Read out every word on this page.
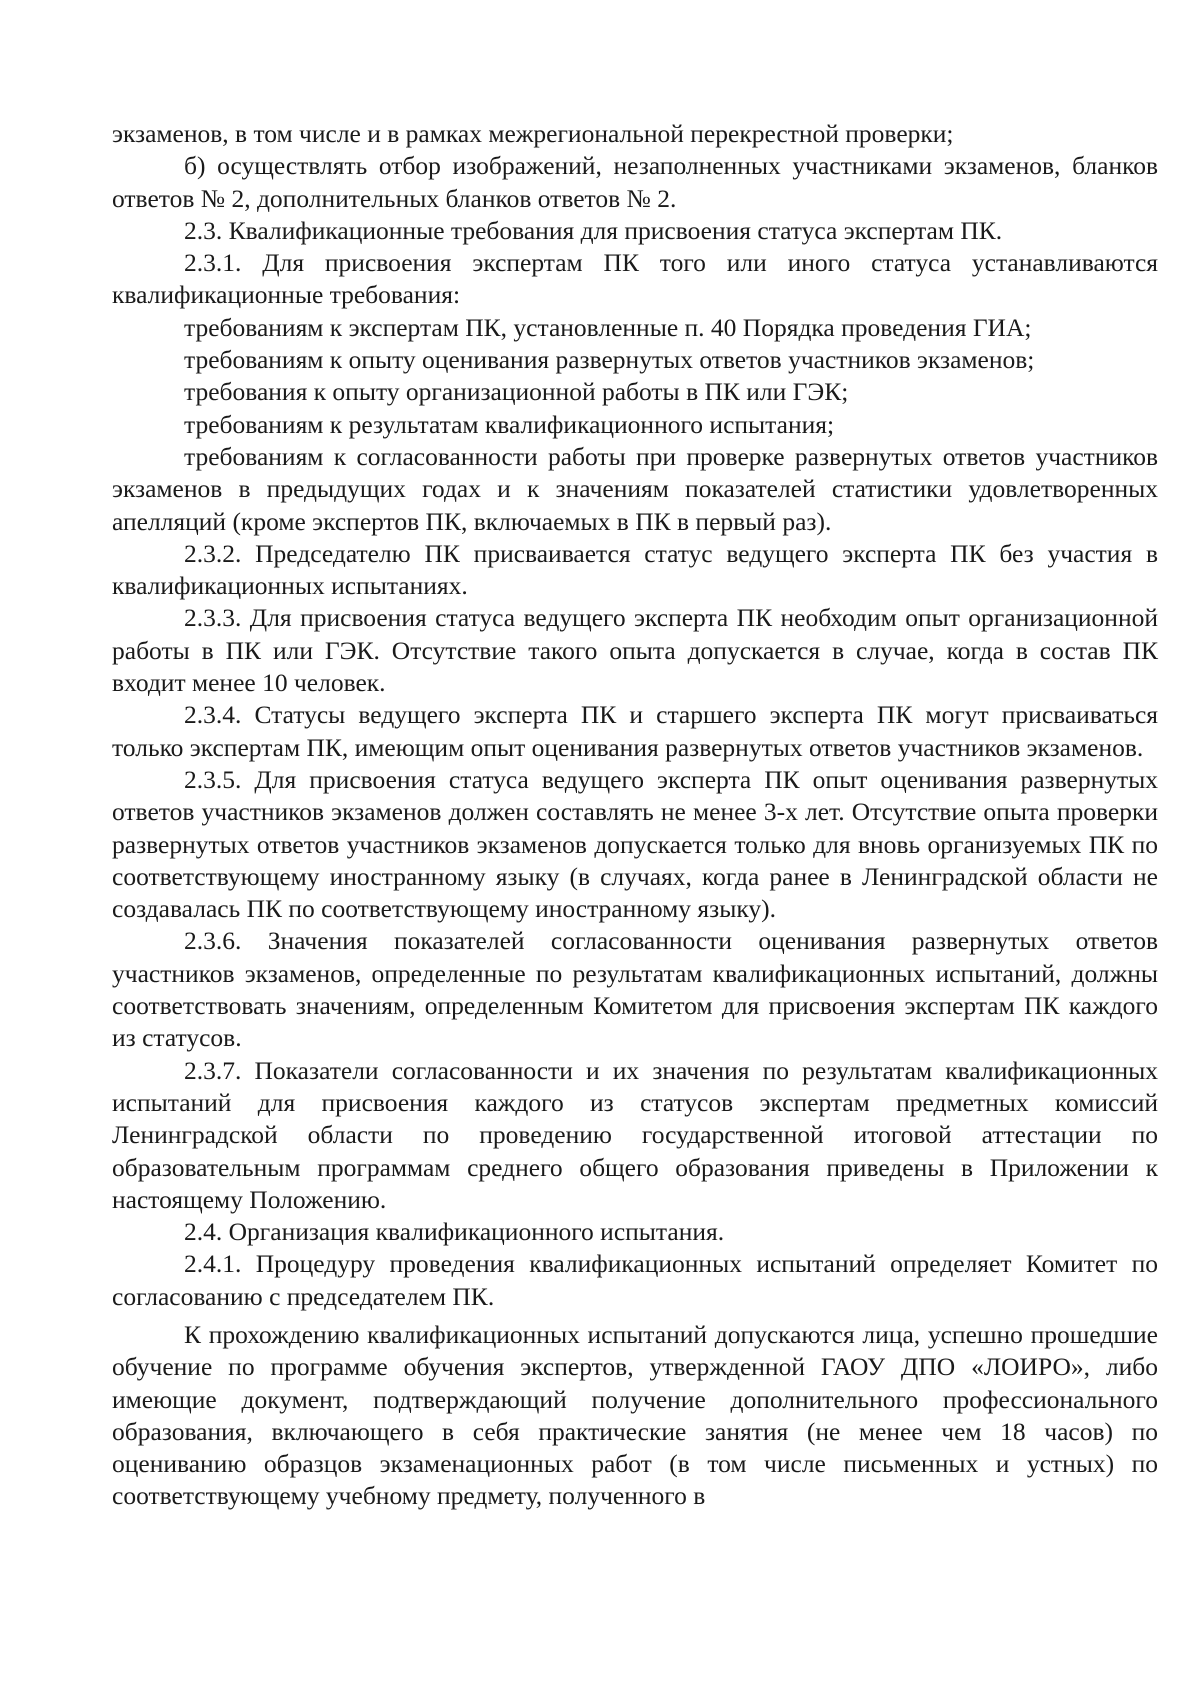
экзаменов, в том числе и в рамках межрегиональной перекрестной проверки;

б) осуществлять отбор изображений, незаполненных участниками экзаменов, бланков ответов № 2, дополнительных бланков ответов № 2.

2.3. Квалификационные требования для присвоения статуса экспертам ПК.

2.3.1. Для присвоения экспертам ПК того или иного статуса устанавливаются квалификационные требования:

требованиям к экспертам ПК, установленные п. 40 Порядка проведения ГИА;

требованиям к опыту оценивания развернутых ответов участников экзаменов;

требования к опыту организационной работы в ПК или ГЭК;

требованиям к результатам квалификационного испытания;

требованиям к согласованности работы при проверке развернутых ответов участников экзаменов в предыдущих годах и к значениям показателей статистики удовлетворенных апелляций (кроме экспертов ПК, включаемых в ПК в первый раз).

2.3.2. Председателю ПК присваивается статус ведущего эксперта ПК без участия в квалификационных испытаниях.

2.3.3. Для присвоения статуса ведущего эксперта ПК необходим опыт организационной работы в ПК или ГЭК. Отсутствие такого опыта допускается в случае, когда в состав ПК входит менее 10 человек.

2.3.4. Статусы ведущего эксперта ПК и старшего эксперта ПК могут присваиваться только экспертам ПК, имеющим опыт оценивания развернутых ответов участников экзаменов.

2.3.5. Для присвоения статуса ведущего эксперта ПК опыт оценивания развернутых ответов участников экзаменов должен составлять не менее 3-х лет. Отсутствие опыта проверки развернутых ответов участников экзаменов допускается только для вновь организуемых ПК по соответствующему иностранному языку (в случаях, когда ранее в Ленинградской области не создавалась ПК по соответствующему иностранному языку).

2.3.6. Значения показателей согласованности оценивания развернутых ответов участников экзаменов, определенные по результатам квалификационных испытаний, должны соответствовать значениям, определенным Комитетом для присвоения экспертам ПК каждого из статусов.

2.3.7. Показатели согласованности и их значения по результатам квалификационных испытаний для присвоения каждого из статусов экспертам предметных комиссий Ленинградской области по проведению государственной итоговой аттестации по образовательным программам среднего общего образования приведены в Приложении к настоящему Положению.

2.4. Организация квалификационного испытания.

2.4.1. Процедуру проведения квалификационных испытаний определяет Комитет по согласованию с председателем ПК.

К прохождению квалификационных испытаний допускаются лица, успешно прошедшие обучение по программе обучения экспертов, утвержденной ГАОУ ДПО «ЛОИРО», либо имеющие документ, подтверждающий получение дополнительного профессионального образования, включающего в себя практические занятия (не менее чем 18 часов) по оцениванию образцов экзаменационных работ (в том числе письменных и устных) по соответствующему учебному предмету, полученного в
